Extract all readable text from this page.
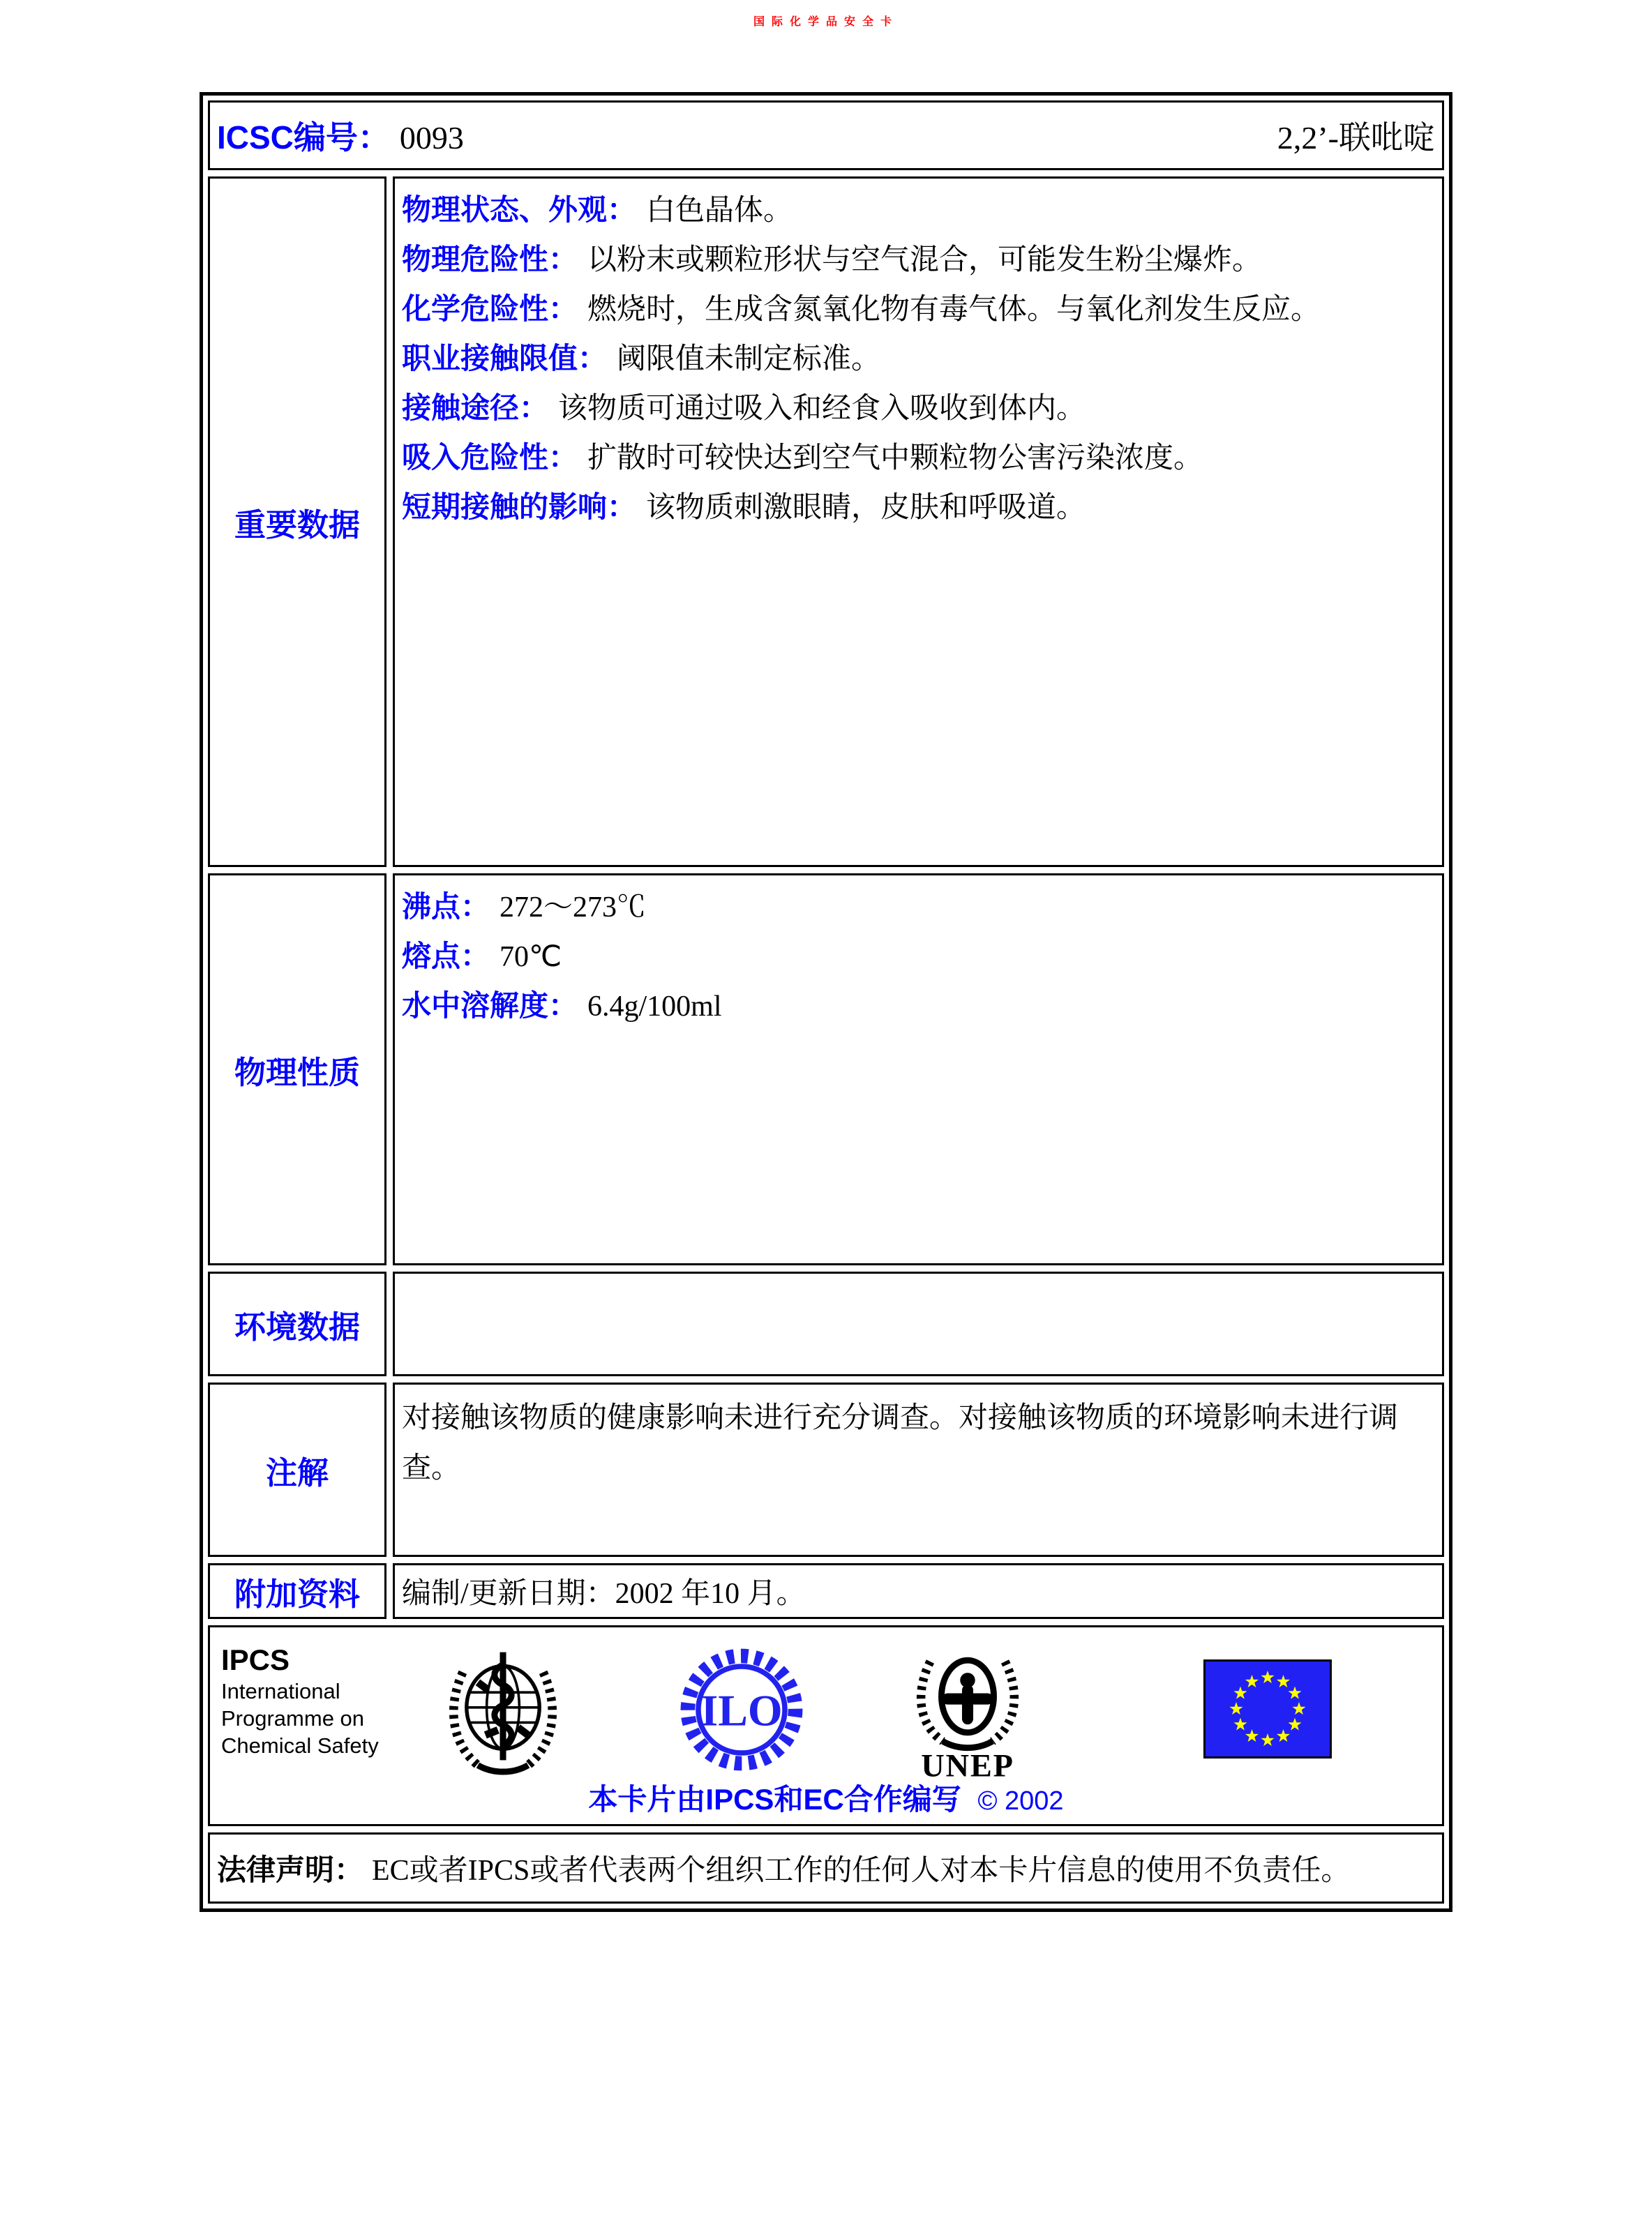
国际化学品安全卡
ICSC编号： 0093	2,2’-联吡啶
重要数据
物理状态、外观： 白色晶体。
物理危险性： 以粉末或颗粒形状与空气混合，可能发生粉尘爆炸。
化学危险性： 燃烧时，生成含氮氧化物有毒气体。与氧化剂发生反应。
职业接触限值： 阈限值未制定标准。
接触途径： 该物质可通过吸入和经食入吸收到体内。
吸入危险性： 扩散时可较快达到空气中颗粒物公害污染浓度。
短期接触的影响： 该物质刺激眼睛，皮肤和呼吸道。
物理性质
沸点： 272～273℃
熔点： 70℃
水中溶解度： 6.4g/100ml
环境数据
注解
对接触该物质的健康影响未进行充分调查。对接触该物质的环境影响未进行调查。
附加资料 编制/更新日期：2002 年10 月。
IPCS
International
Programme on
Chemical Safety
ILO
UNEP
本卡片由IPCS和EC合作编写 © 2002
法律声明： EC或者IPCS或者代表两个组织工作的任何人对本卡片信息的使用不负责任。
